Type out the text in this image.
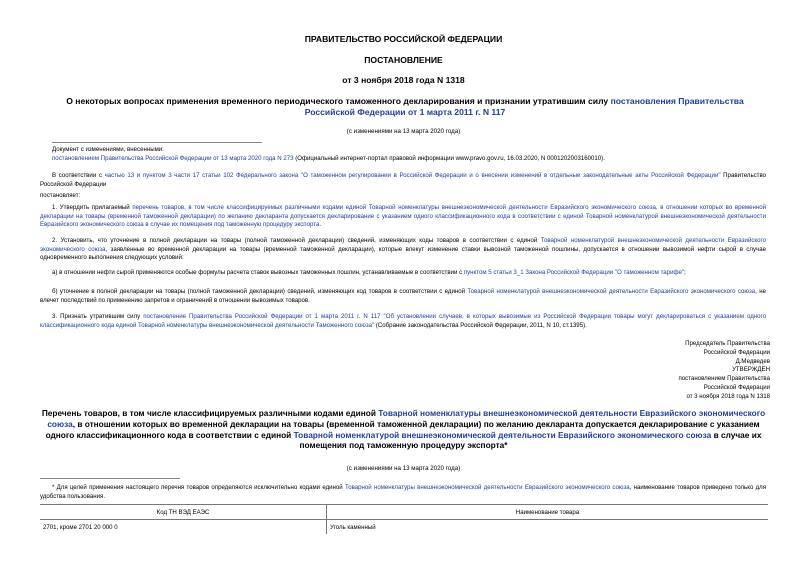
ПРАВИТЕЛЬСТВО РОССИЙСКОЙ ФЕДЕРАЦИИ
ПОСТАНОВЛЕНИЕ
от 3 ноября 2018 года N 1318
О некоторых вопросах применения временного периодического таможенного декларирования и признании утратившим силу постановления Правительства Российской Федерации от 1 марта 2011 г. N 117
(с изменениями на 13 марта 2020 года)
Документ с изменениями, внесенными:
постановлением Правительства Российской Федерации от 13 марта 2020 года N 273 (Официальный интернет-портал правовой информации www.pravo.gov.ru, 16.03.2020, N 0001202003160010).
В соответствии с частью 13 и пунктом 3 части 17 статьи 102 Федерального закона "О таможенном регулировании в Российской Федерации и о внесении изменений в отдельные законодательные акты Российской Федерации" Правительство Российской Федерации
постановляет:
1. Утвердить прилагаемый перечень товаров, в том числе классифицируемых различными кодами единой Товарной номенклатуры внешнеэкономической деятельности Евразийского экономического союза, в отношении которых во временной декларации на товары (временной таможенной декларации) по желанию декларанта допускается декларирование с указанием одного классификационного кода в соответствии с единой Товарной номенклатурой внешнеэкономической деятельности Евразийского экономического союза в случае их помещения под таможенную процедуру экспорта.
2. Установить, что уточнение в полной декларации на товары (полной таможенной декларации) сведений, изменяющих коды товаров в соответствии с единой Товарной номенклатурой внешнеэкономической деятельности Евразийского экономического союза, заявленные во временной декларации на товары (временной таможенной декларации), которые влекут изменение ставки вывозной таможенной пошлины, допускается в отношении вывозимой нефти сырой в случае одновременного выполнения следующих условий:
а) в отношении нефти сырой применяются особые формулы расчета ставок вывозных таможенных пошлин, устанавливаемые в соответствии с пунктом 5 статьи 3_1 Закона Российской Федерации "О таможенном тарифе";
б) уточнение в полной декларации на товары (полной таможенной декларации) сведений, изменяющих код товаров в соответствии с единой Товарной номенклатурой внешнеэкономической деятельности Евразийского экономического союза, не влечет последствий по применению запретов и ограничений в отношении вывозимых товаров.
3. Признать утратившим силу постановление Правительства Российской Федерации от 1 марта 2011 г. N 117 "Об установлении случаев, в которых вывозимые из Российской Федерации товары могут декларироваться с указанием одного классификационного кода единой Товарной номенклатуры внешнеэкономической деятельности Таможенного союза" (Собрание законодательства Российской Федерации, 2011, N 10, ст.1395).
Председатель Правительства
Российской Федерации
Д.Медведев
УТВЕРЖДЕН
постановлением Правительства
Российской Федерации
от 3 ноября 2018 года N 1318
Перечень товаров, в том числе классифицируемых различными кодами единой Товарной номенклатуры внешнеэкономической деятельности Евразийского экономического союза, в отношении которых во временной декларации на товары (временной таможенной декларации) по желанию декларанта допускается декларирование с указанием одного классификационного кода в соответствии с единой Товарной номенклатурой внешнеэкономической деятельности Евразийского экономического союза в случае их помещения под таможенную процедуру экспорта*
(с изменениями на 13 марта 2020 года)
* Для целей применения настоящего перечня товаров определяются исключительно кодами единой Товарной номенклатуры внешнеэкономической деятельности Евразийского экономического союза, наименование товаров приведено только для удобства пользования.
Код ТН ВЭД ЕАЭС	Наименование товара
2701, кроме 2701 20 000 0	Уголь каменный
